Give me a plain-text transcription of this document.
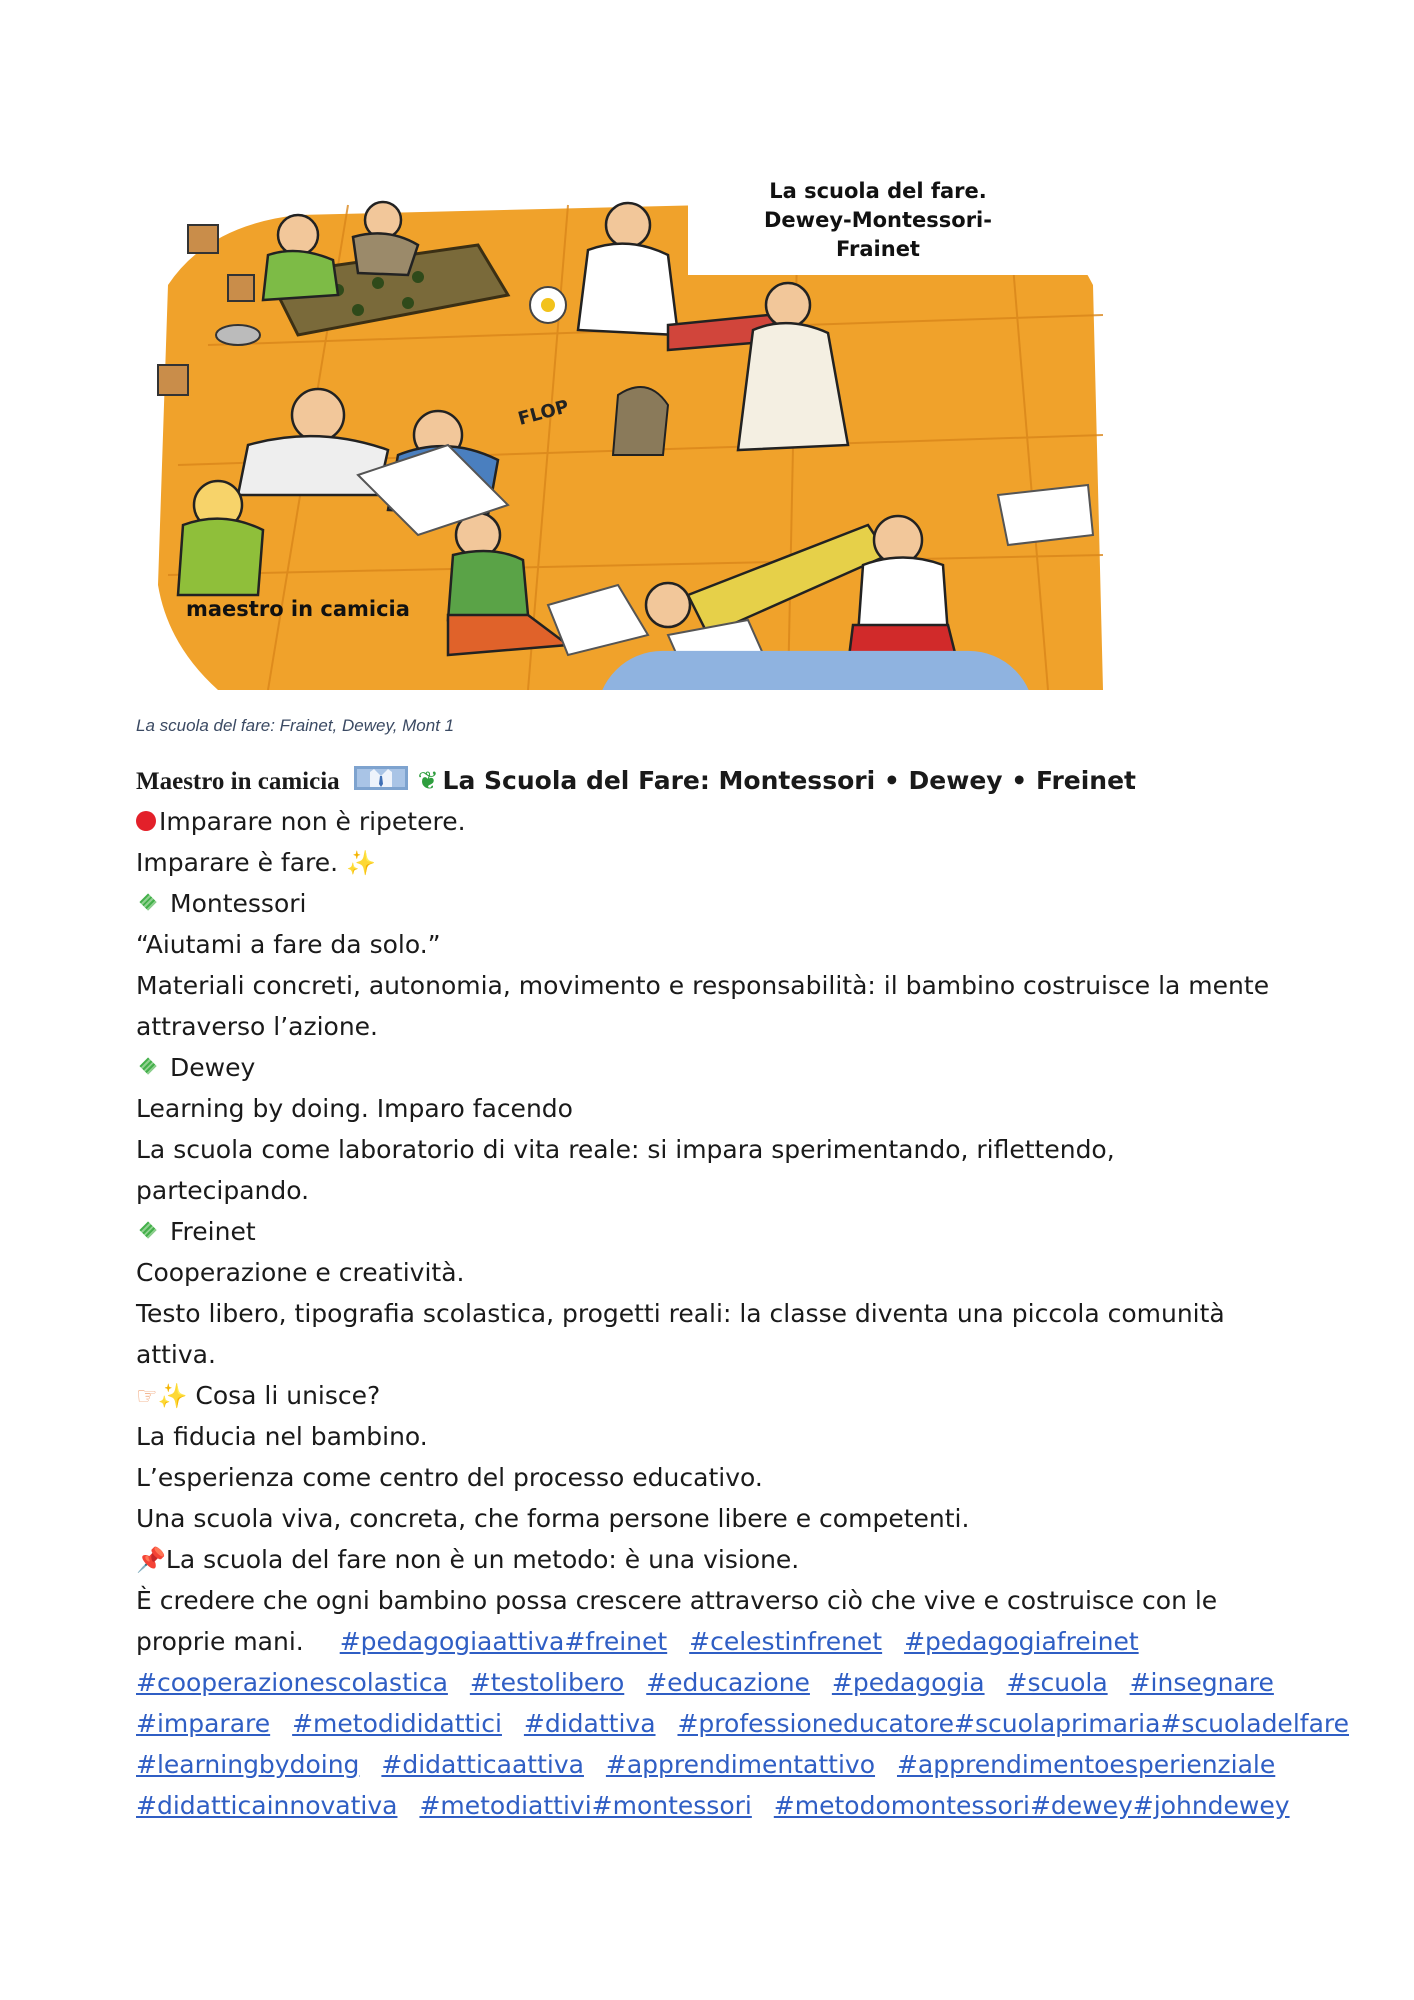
FLOP
La scuola del fare.
Dewey-Montessori-
Frainet
maestro in camicia
La scuola del fare: Frainet, Dewey, Mont 1
Maestro in camicia	❦ La Scuola del Fare: Montessori • Dewey • Freinet
Imparare non è ripetere.
Imparare è fare. ✨
Montessori
“Aiutami a fare da solo.”
Materiali concreti, autonomia, movimento e responsabilità: il bambino costruisce la mente
attraverso l’azione.
Dewey
Learning by doing. Imparo facendo
La scuola come laboratorio di vita reale: si impara sperimentando, riflettendo,
partecipando.
Freinet
Cooperazione e creatività.
Testo libero, tipografia scolastica, progetti reali: la classe diventa una piccola comunità
attiva.
☞✨ Cosa li unisce?
La fiducia nel bambino.
L’esperienza come centro del processo educativo.
Una scuola viva, concreta, che forma persone libere e competenti.
📌La scuola del fare non è un metodo: è una visione.
È credere che ogni bambino possa crescere attraverso ciò che vive e costruisce con le
proprie mani. #pedagogiaattiva#freinet #celestinfrenet #pedagogiafreinet
#cooperazionescolastica #testolibero #educazione #pedagogia #scuola #insegnare
#imparare #metodididattici #didattiva #professioneducatore#scuolaprimaria#scuoladelfare
#learningbydoing #didatticaattiva #apprendimentattivo #apprendimentoesperienziale
#didatticainnovativa #metodiattivi#montessori #metodomontessori#dewey#johndewey
